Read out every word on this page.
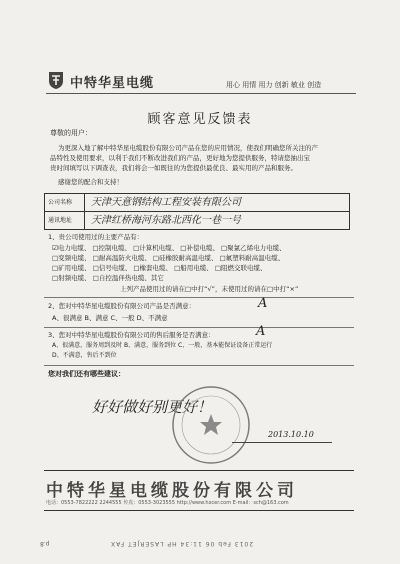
中特华星电缆	用心 用情 用力 创新 敏业 创造
顾客意见反馈表
尊敬的用户：
为更深入地了解中特华星电缆股份有限公司产品在您的应用情况，使我们明确您所关注的产
品特性及使用要求，以利于我们不断改进我们的产品，更好地为您提供服务，特请您抽出宝
贵时间填写以下调查表，我们将会一如既往的为您提供最优良、最实用的产品和服务。
感谢您的配合和支持！
公司名称	天津天意钢结构工程安装有限公司
通讯地址	天津红桥海河东路北西化一巷一号
1、贵公司使用过的主要产品有：
☑电力电缆、 □控制电缆、 □计算机电缆、 □补偿电缆、 □聚氯乙烯电力电缆、
□变频电缆、 □耐高温防火电缆、 □硅橡胶耐高温电缆、 □氟塑料耐高温电缆、
□矿用电缆、 □信号电缆、 □橡套电缆、 □船用电缆、 □阻燃交联电缆、
□射频电缆、 □自控温伴热电缆、其它
上列产品使用过的请在□中打“√”，未使用过的请在□中打“×”
2、您对中特华星电缆股份有限公司产品是否满意：	A
A、很满意 B、满意 C、一般 D、不满意
3、您对中特华星电缆股份有限公司的售后服务是否满意：	A
A、很满意，服务周到及时 B、满意，服务到位 C、一般，基本能保证设备正常运行
D、不满意，售后不到位
您对我们还有哪些建议：
好好做好别更好！
2013.10.10
中特华星电缆股份有限公司
电话：0553-7822222 2244555 传真：0553-3023555 http://www.hxcer.com E-mail：sch@163.com
p.8	2013 Feb 06 11:34 HP LASERJET FAX
